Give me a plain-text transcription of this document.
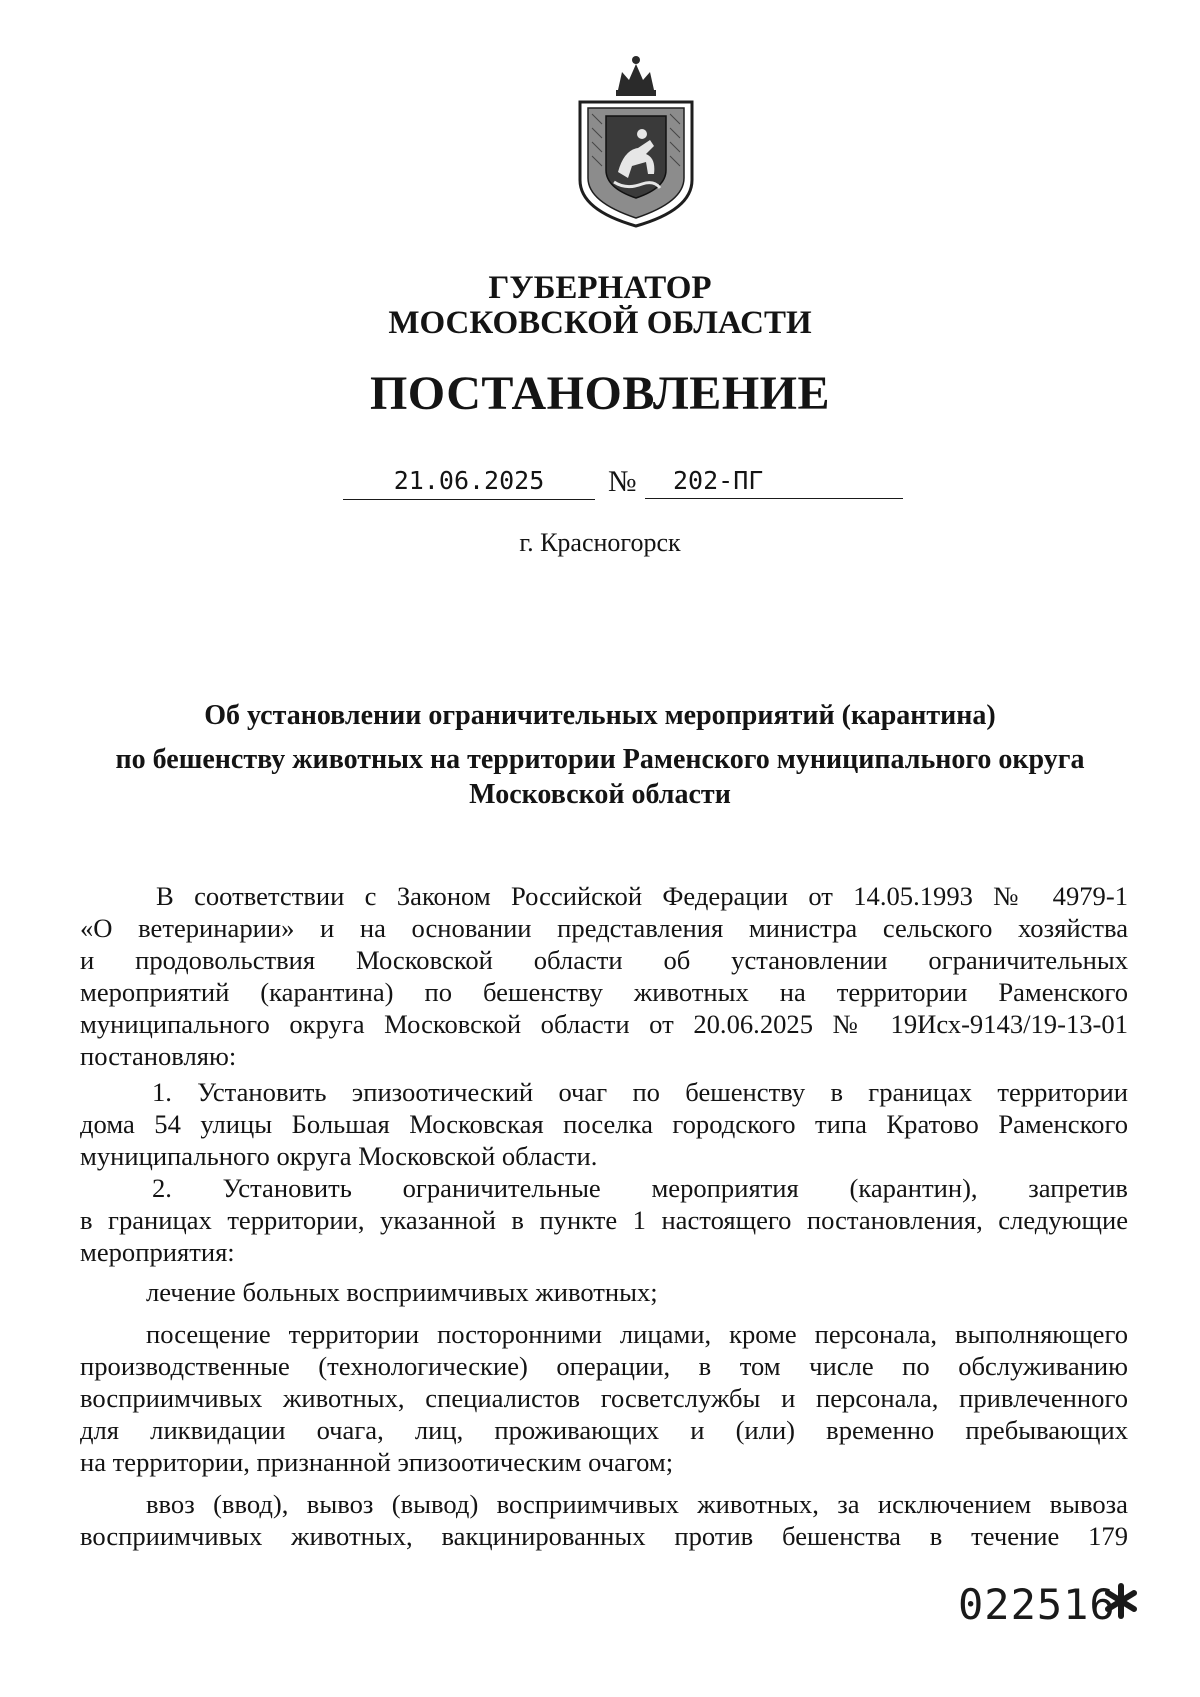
ГУБЕРНАТОР
МОСКОВСКОЙ ОБЛАСТИ
ПОСТАНОВЛЕНИЕ
21.06.2025	№	202-ПГ
г. Красногорск
Об установлении ограничительных мероприятий (карантина)
по бешенству животных на территории Раменского муниципального округа
Московской области
В соответствии с Законом Российской Федерации от 14.05.1993 № 4979-1
«О ветеринарии» и на основании представления министра сельского хозяйства
и продовольствия Московской области об установлении ограничительных
мероприятий (карантина) по бешенству животных на территории Раменского
муниципального округа Московской области от 20.06.2025 № 19Исх-9143/19-13-01
постановляю:
1. Установить эпизоотический очаг по бешенству в границах территории
дома 54 улицы Большая Московская поселка городского типа Кратово Раменского
муниципального округа Московской области.
2. Установить ограничительные мероприятия (карантин), запретив
в границах территории, указанной в пункте 1 настоящего постановления, следующие
мероприятия:
лечение больных восприимчивых животных;
посещение территории посторонними лицами, кроме персонала, выполняющего
производственные (технологические) операции, в том числе по обслуживанию
восприимчивых животных, специалистов госветслужбы и персонала, привлеченного
для ликвидации очага, лиц, проживающих и (или) временно пребывающих
на территории, признанной эпизоотическим очагом;
ввоз (ввод), вывоз (вывод) восприимчивых животных, за исключением вывоза
восприимчивых животных, вакцинированных против бешенства в течение 179
022516
